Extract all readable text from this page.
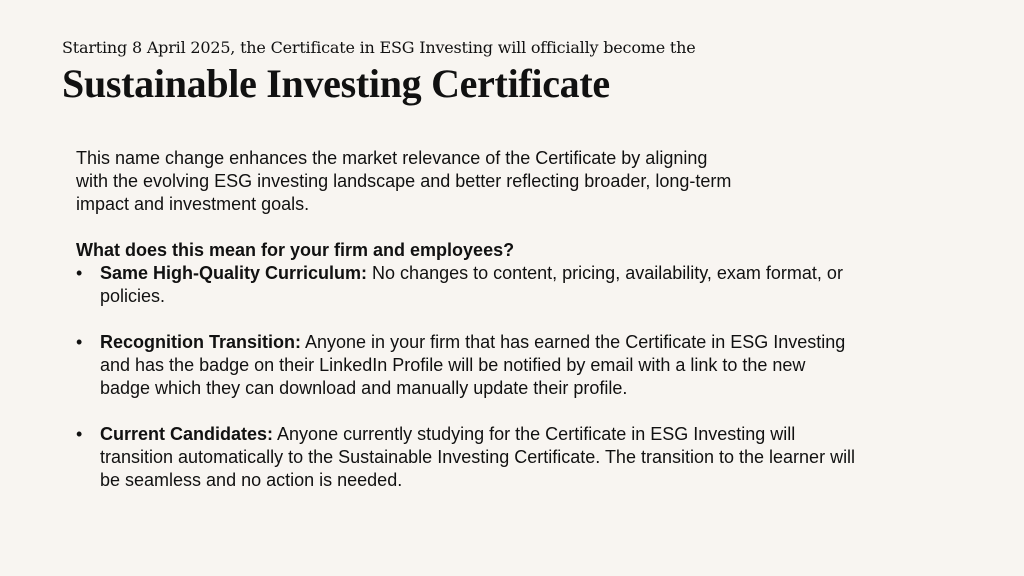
Starting 8 April 2025, the Certificate in ESG Investing will officially become the
Sustainable Investing Certificate

This name change enhances the market relevance of the Certificate by aligning

with the evolving ESG investing landscape and better reflecting broader, long-term

impact and investment goals.

What does this mean for your firm and employees?

• Same High-Quality Curriculum: No changes to content, pricing, availability, exam format, or policies.
• Recognition Transition: Anyone in your firm that has earned the Certificate in ESG Investing and has the badge on their LinkedIn Profile will be notified by email with a link to the new badge which they can download and manually update their profile.
• Current Candidates: Anyone currently studying for the Certificate in ESG Investing will transition automatically to the Sustainable Investing Certificate. The transition to the learner will be seamless and no action is needed.
